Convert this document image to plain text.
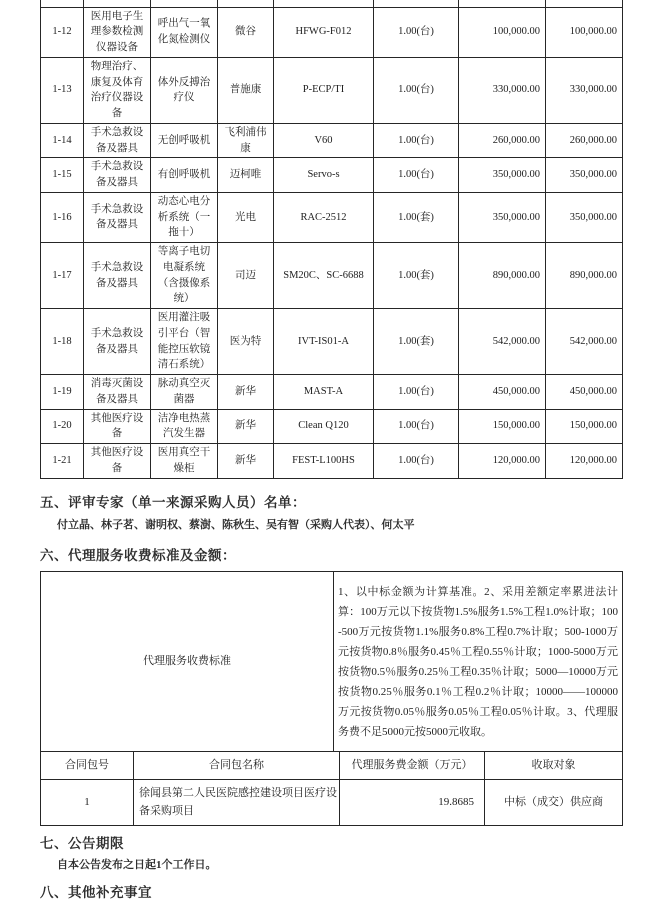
1-12	医用电子生理参数检测仪器设备	呼出气一氧化氮检测仪	微谷	HFWG-F012	1.00(台)	100,000.00	100,000.00
1-13	物理治疗、康复及体育治疗仪器设备	体外反搏治疗仪	普施康	P-ECP/TI	1.00(台)	330,000.00	330,000.00
1-14	手术急救设备及器具	无创呼吸机	飞利浦伟康	V60	1.00(台)	260,000.00	260,000.00
1-15	手术急救设备及器具	有创呼吸机	迈柯唯	Servo-s	1.00(台)	350,000.00	350,000.00
1-16	手术急救设备及器具	动态心电分析系统（一拖十）	光电	RAC-2512	1.00(套)	350,000.00	350,000.00
1-17	手术急救设备及器具	等离子电切电凝系统（含摄像系统）	司迈	SM20C、SC-6688	1.00(套)	890,000.00	890,000.00
1-18	手术急救设备及器具	医用灌注吸引平台（智能控压软镜清石系统）	医为特	IVT-IS01-A	1.00(套)	542,000.00	542,000.00
1-19	消毒灭菌设备及器具	脉动真空灭菌器	新华	MAST-A	1.00(台)	450,000.00	450,000.00
1-20	其他医疗设备	洁净电热蒸汽发生器	新华	Clean Q120	1.00(台)	150,000.00	150,000.00
1-21	其他医疗设备	医用真空干燥柜	新华	FEST-L100HS	1.00(台)	120,000.00	120,000.00
五、评审专家（单一来源采购人员）名单：
付立晶、林子茗、谢明权、蔡澍、陈秋生、吴有智（采购人代表）、何太平
六、代理服务收费标准及金额：
代理服务收费标准	1、以中标金额为计算基准。2、采用差额定率累进法计算：100万元以下按货物1.5%服务1.5%工程1.0%计取；100-500万元按货物1.1%服务0.8%工程0.7%计取；500-1000万元按货物0.8％服务0.45％工程0.55％计取；1000-5000万元按货物0.5％服务0.25％工程0.35％计取；5000—10000万元按货物0.25％服务0.1％工程0.2％计取；10000——100000万元按货物0.05％服务0.05％工程0.05％计取。3、代理服务费不足5000元按5000元收取。
合同包号	合同包名称	代理服务费金额（万元）	收取对象
1	徐闻县第二人民医院感控建设项目医疗设备采购项目	19.8685	中标（成交）供应商
七、公告期限
自本公告发布之日起1个工作日。
八、其他补充事宜
